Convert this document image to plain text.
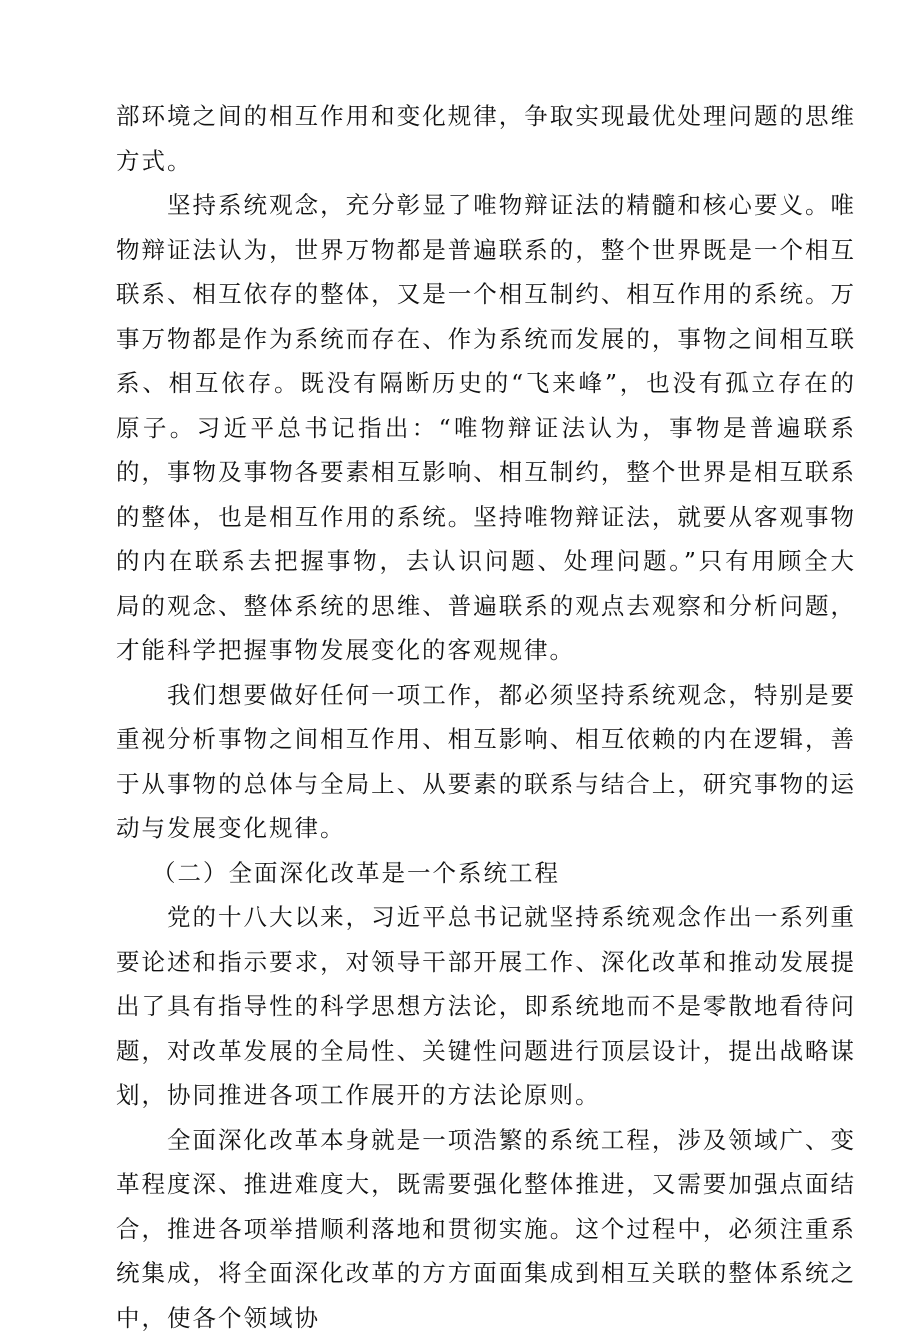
部环境之间的相互作用和变化规律，争取实现最优处理问题的思维方式。

坚持系统观念，充分彰显了唯物辩证法的精髓和核心要义。唯物辩证法认为，世界万物都是普遍联系的，整个世界既是一个相互联系、相互依存的整体，又是一个相互制约、相互作用的系统。万事万物都是作为系统而存在、作为系统而发展的，事物之间相互联系、相互依存。既没有隔断历史的“飞来峰”，也没有孤立存在的原子。习近平总书记指出：“唯物辩证法认为，事物是普遍联系的，事物及事物各要素相互影响、相互制约，整个世界是相互联系的整体，也是相互作用的系统。坚持唯物辩证法，就要从客观事物的内在联系去把握事物，去认识问题、处理问题。”只有用顾全大局的观念、整体系统的思维、普遍联系的观点去观察和分析问题，才能科学把握事物发展变化的客观规律。

我们想要做好任何一项工作，都必须坚持系统观念，特别是要重视分析事物之间相互作用、相互影响、相互依赖的内在逻辑，善于从事物的总体与全局上、从要素的联系与结合上，研究事物的运动与发展变化规律。

（二）全面深化改革是一个系统工程

党的十八大以来，习近平总书记就坚持系统观念作出一系列重要论述和指示要求，对领导干部开展工作、深化改革和推动发展提出了具有指导性的科学思想方法论，即系统地而不是零散地看待问题，对改革发展的全局性、关键性问题进行顶层设计，提出战略谋划，协同推进各项工作展开的方法论原则。

全面深化改革本身就是一项浩繁的系统工程，涉及领域广、变革程度深、推进难度大，既需要强化整体推进，又需要加强点面结合，推进各项举措顺利落地和贯彻实施。这个过程中，必须注重系统集成，将全面深化改革的方方面面集成到相互关联的整体系统之中，使各个领域协
